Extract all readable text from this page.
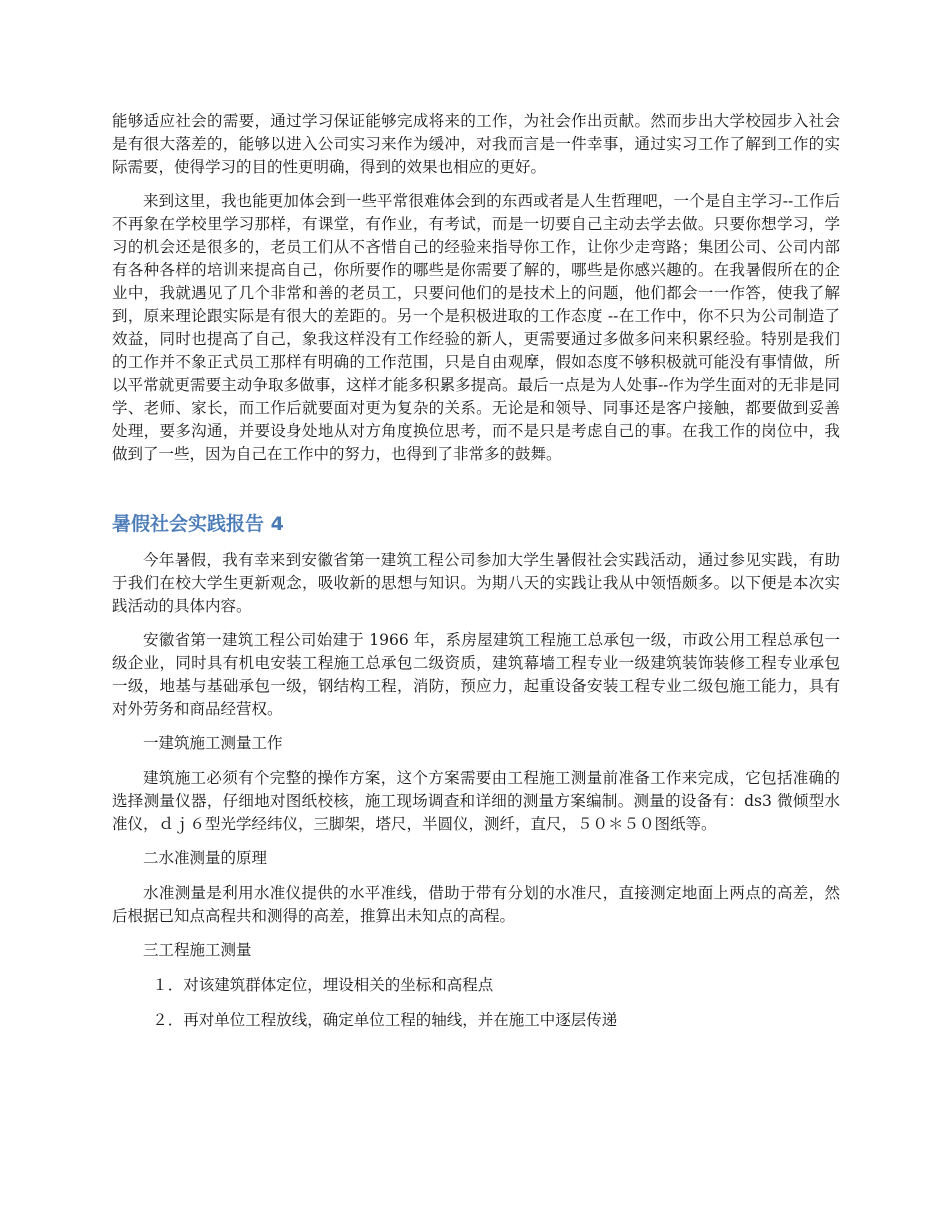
能够适应社会的需要，通过学习保证能够完成将来的工作，为社会作出贡献。然而步出大学校园步入社会是有很大落差的，能够以进入公司实习来作为缓冲，对我而言是一件幸事，通过实习工作了解到工作的实际需要，使得学习的目的性更明确，得到的效果也相应的更好。

来到这里，我也能更加体会到一些平常很难体会到的东西或者是人生哲理吧，一个是自主学习--工作后不再象在学校里学习那样，有课堂，有作业，有考试，而是一切要自己主动去学去做。只要你想学习，学习的机会还是很多的，老员工们从不吝惜自己的经验来指导你工作，让你少走弯路；集团公司、公司内部有各种各样的培训来提高自己，你所要作的哪些是你需要了解的，哪些是你感兴趣的。在我暑假所在的企业中，我就遇见了几个非常和善的老员工，只要问他们的是技术上的问题，他们都会一一作答，使我了解到，原来理论跟实际是有很大的差距的。另一个是积极进取的工作态度 --在工作中，你不只为公司制造了效益，同时也提高了自己，象我这样没有工作经验的新人，更需要通过多做多问来积累经验。特别是我们的工作并不象正式员工那样有明确的工作范围，只是自由观摩，假如态度不够积极就可能没有事情做，所以平常就更需要主动争取多做事，这样才能多积累多提高。最后一点是为人处事--作为学生面对的无非是同学、老师、家长，而工作后就要面对更为复杂的关系。无论是和领导、同事还是客户接触，都要做到妥善处理，要多沟通，并要设身处地从对方角度换位思考，而不是只是考虑自己的事。在我工作的岗位中，我做到了一些，因为自己在工作中的努力，也得到了非常多的鼓舞。

暑假社会实践报告 4

今年暑假，我有幸来到安徽省第一建筑工程公司参加大学生暑假社会实践活动，通过参见实践，有助于我们在校大学生更新观念，吸收新的思想与知识。为期八天的实践让我从中领悟颇多。以下便是本次实践活动的具体内容。

安徽省第一建筑工程公司始建于 1966 年，系房屋建筑工程施工总承包一级，市政公用工程总承包一级企业，同时具有机电安装工程施工总承包二级资质，建筑幕墙工程专业一级建筑装饰装修工程专业承包一级，地基与基础承包一级，钢结构工程，消防，预应力，起重设备安装工程专业二级包施工能力，具有对外劳务和商品经营权。

一建筑施工测量工作

建筑施工必须有个完整的操作方案，这个方案需要由工程施工测量前准备工作来完成，它包括准确的选择测量仪器，仔细地对图纸校核，施工现场调查和详细的测量方案编制。测量的设备有：ds3 微倾型水准仪，ｄｊ６型光学经纬仪，三脚架，塔尺，半圆仪，测纤，直尺，５０＊５０图纸等。

二水准测量的原理

水准测量是利用水准仪提供的水平准线，借助于带有分划的水准尺，直接测定地面上两点的高差，然后根据已知点高程共和测得的高差，推算出未知点的高程。

三工程施工测量

１．对该建筑群体定位，埋设相关的坐标和高程点

２．再对单位工程放线，确定单位工程的轴线，并在施工中逐层传递
